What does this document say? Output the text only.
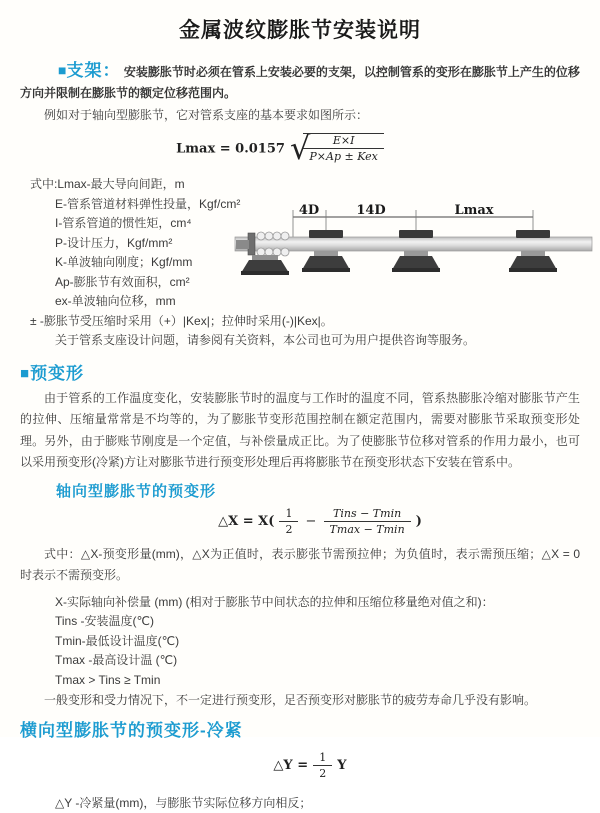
金属波纹膨胀节安装说明

■支架： 安装膨胀节时必须在管系上安装必要的支架，以控制管系的变形在膨胀节上产生的位移方向并限制在膨胀节的额定位移范围内。

例如对于轴向型膨胀节，它对管系支座的基本要求如图所示：

Lmax = 0.0157 √
$\frac{E\times I}{\text{P×Ap ± Kex}}$
式中:Lmax-最大导向间距，m
E-管系管道材料弹性投量，Kgf/cm²
I-管系管道的惯性矩，cm⁴
P-设计压力，Kgf/mm²
K-单波轴向刚度；Kgf/mm
Ap-膨胀节有效面积，cm²
ex-单波轴向位移，mm
4D	14D	Lmax

± -膨胀节受压缩时采用（+）|Kex|；拉伸时采用(-)|Kex|。

关于管系支座设计问题，请参阅有关资料，本公司也可为用户提供咨询等服务。

■预变形

由于管系的工作温度变化，安装膨胀节时的温度与工作时的温度不同，管系热膨胀冷缩对膨胀节产生的拉伸、压缩量常常是不均等的，为了膨胀节变形范围控制在额定范围内，需要对膨胀节采取预变形处理。另外，由于膨账节刚度是一个定值，与补偿量成正比。为了使膨胀节位移对管系的作用力最小，也可以采用预变形(冷紧)方让对膨胀节进行预变形处理后再将膨胀节在预变形状态下安装在管系中。

轴向型膨胀节的预变形
△X = $X( \frac{1}{2} - \frac{\text{Tins − Tmin}}{Tmax - Tmin}$ )

式中：△X-预变形量(mm)，△X为正值时，表示膨张节需预拉伸；为负值时，表示需预压缩；△X = 0时表示不需预变形。

X-实际轴向补偿量 (mm) (相对于膨胀节中间状态的拉伸和压缩位移量绝对值之和)：
Tins -安装温度(℃)
Tmin-最低设计温度(℃)
Tmax -最高设计温 (℃)
Tmax > Tins ≥ Tmin

一般变形和受力情况下，不一定进行预变形，足否预变形对膨胀节的疲劳寿命几乎没有影响。

横向型膨胀节的预变形-冷紧
△Y = $\frac{1}{2}$ Y

△Y -冷紧量(mm)，与膨胀节实际位移方向相反；
